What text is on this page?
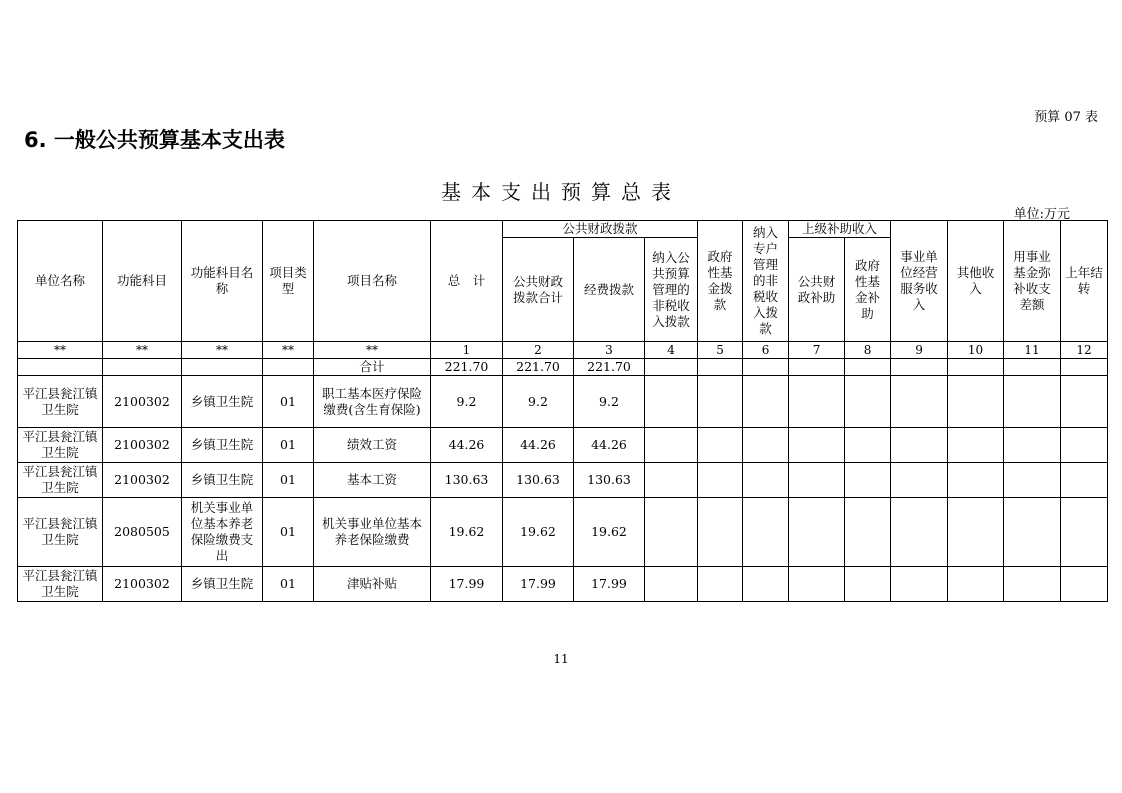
预算 07 表
6. 一般公共预算基本支出表
基本支出预算总表
单位:万元
单位名称	功能科目	功能科目名称	项目类型	项目名称	总　计	公共财政拨款			政府性基金拨款	纳入专户管理的非税收入拨款	上级补助收入		事业单位经营服务收入	其他收入	用事业基金弥补收支差额	上年结转
						公共财政拨款合计	经费拨款	纳入公共预算管理的非税收入拨款			公共财政补助	政府性基金补助				
**	**	**	**	**	1	2	3	4	5	6	7	8	9	10	11	12
				合计	221.70	221.70	221.70									
平江县瓮江镇卫生院	2100302	乡镇卫生院	01	职工基本医疗保险缴费(含生育保险)	9.2	9.2	9.2									
平江县瓮江镇卫生院	2100302	乡镇卫生院	01	绩效工资	44.26	44.26	44.26									
平江县瓮江镇卫生院	2100302	乡镇卫生院	01	基本工资	130.63	130.63	130.63									
平江县瓮江镇卫生院	2080505	机关事业单位基本养老保险缴费支出	01	机关事业单位基本养老保险缴费	19.62	19.62	19.62									
平江县瓮江镇卫生院	2100302	乡镇卫生院	01	津贴补贴	17.99	17.99	17.99									
11
